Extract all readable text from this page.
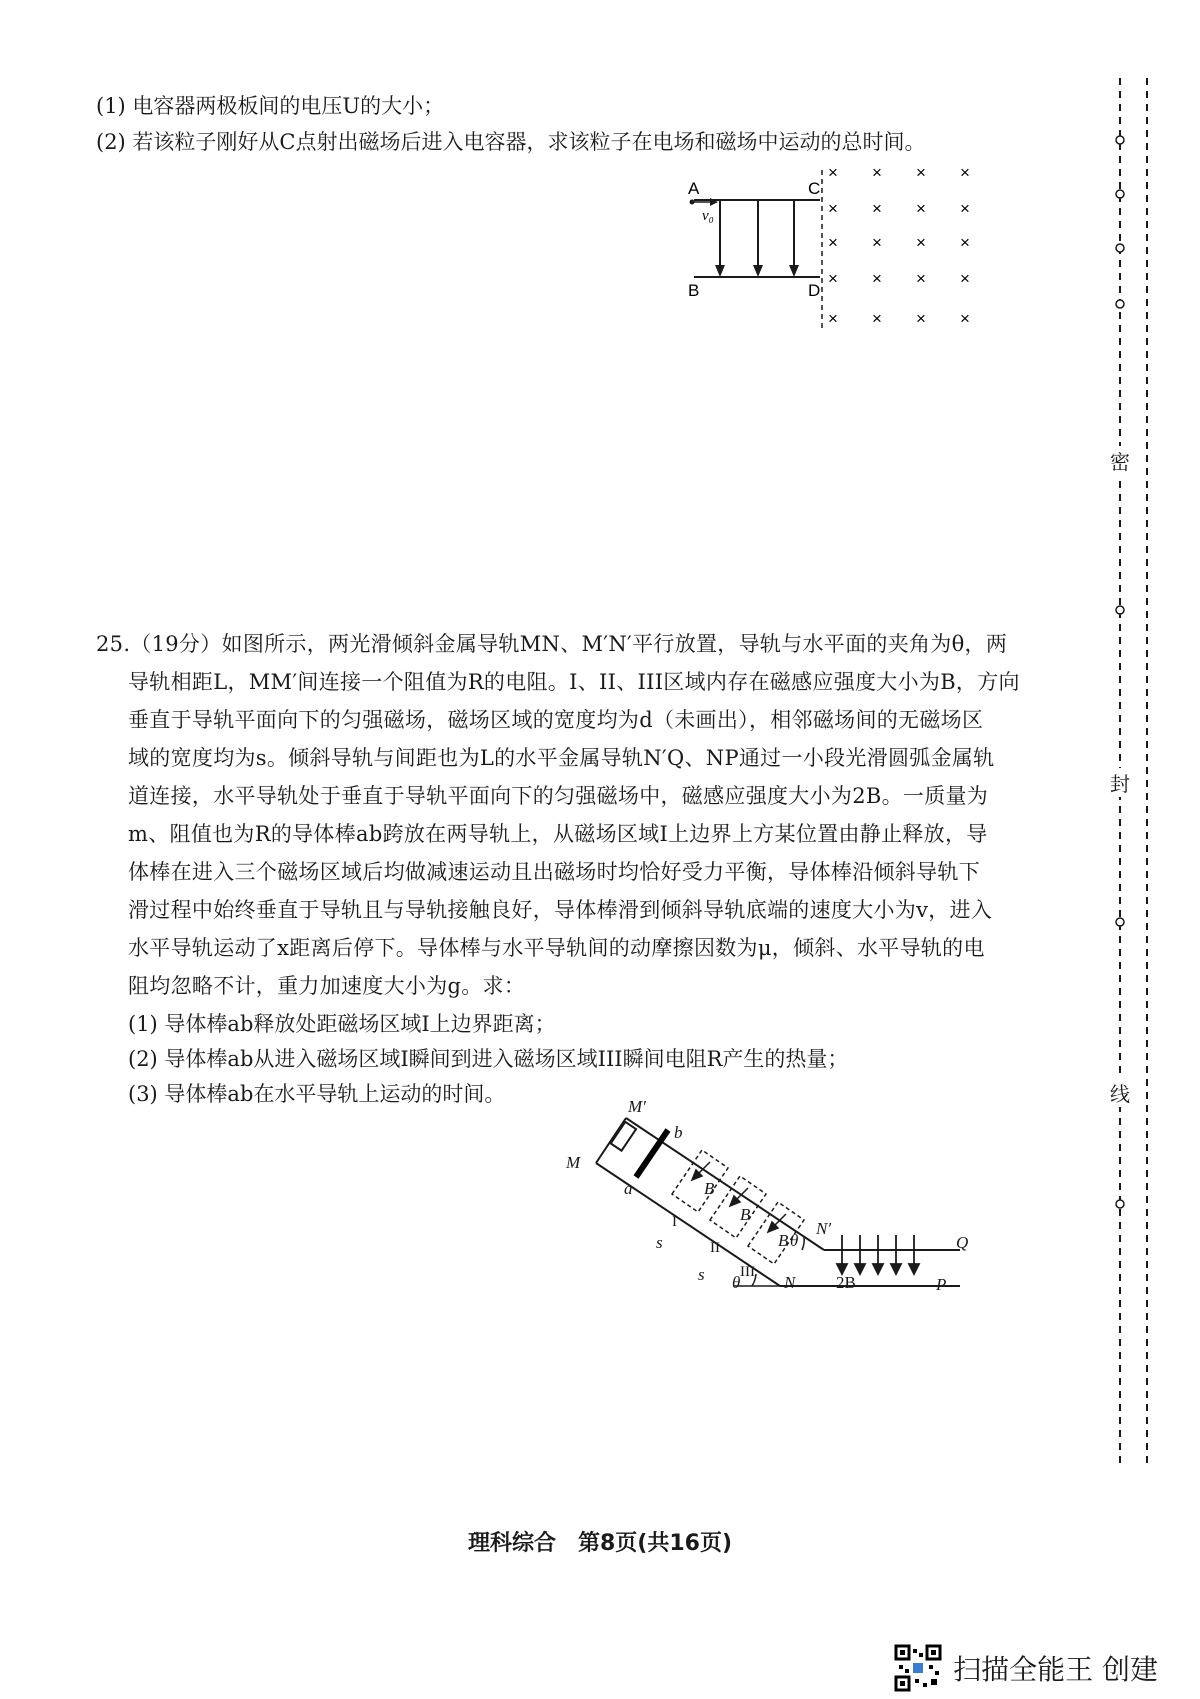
(1) 电容器两极板间的电压U的大小；
(2) 若该粒子刚好从C点射出磁场后进入电容器，求该粒子在电场和磁场中运动的总时间。
A
B
C
D
v₀
× × × ×
× × × ×
× × × ×
× × × ×
× × × ×
25.（19分）如图所示，两光滑倾斜金属导轨MN、M′N′平行放置，导轨与水平面的夹角为θ，两
导轨相距L，MM′间连接一个阻值为R的电阻。I、II、III区域内存在磁感应强度大小为B，方向
垂直于导轨平面向下的匀强磁场，磁场区域的宽度均为d（未画出），相邻磁场间的无磁场区
域的宽度均为s。倾斜导轨与间距也为L的水平金属导轨N′Q、NP通过一小段光滑圆弧金属轨
道连接，水平导轨处于垂直于导轨平面向下的匀强磁场中，磁感应强度大小为2B。一质量为
m、阻值也为R的导体棒ab跨放在两导轨上，从磁场区域I上边界上方某位置由静止释放，导
体棒在进入三个磁场区域后均做减速运动且出磁场时均恰好受力平衡，导体棒沿倾斜导轨下
滑过程中始终垂直于导轨且与导轨接触良好，导体棒滑到倾斜导轨底端的速度大小为v，进入
水平导轨运动了x距离后停下。导体棒与水平导轨间的动摩擦因数为μ，倾斜、水平导轨的电
阻均忽略不计，重力加速度大小为g。求：
(1) 导体棒ab释放处距磁场区域I上边界距离；
(2) 导体棒ab从进入磁场区域I瞬间到进入磁场区域III瞬间电阻R产生的热量；
(3) 导体棒ab在水平导轨上运动的时间。
M
M′
a
b
s
s θ
θ
N
N′
Q
P
2B
B
B
B
I
II
III
密
封
线
理科综合　第8页(共16页)
扫描全能王 创建
